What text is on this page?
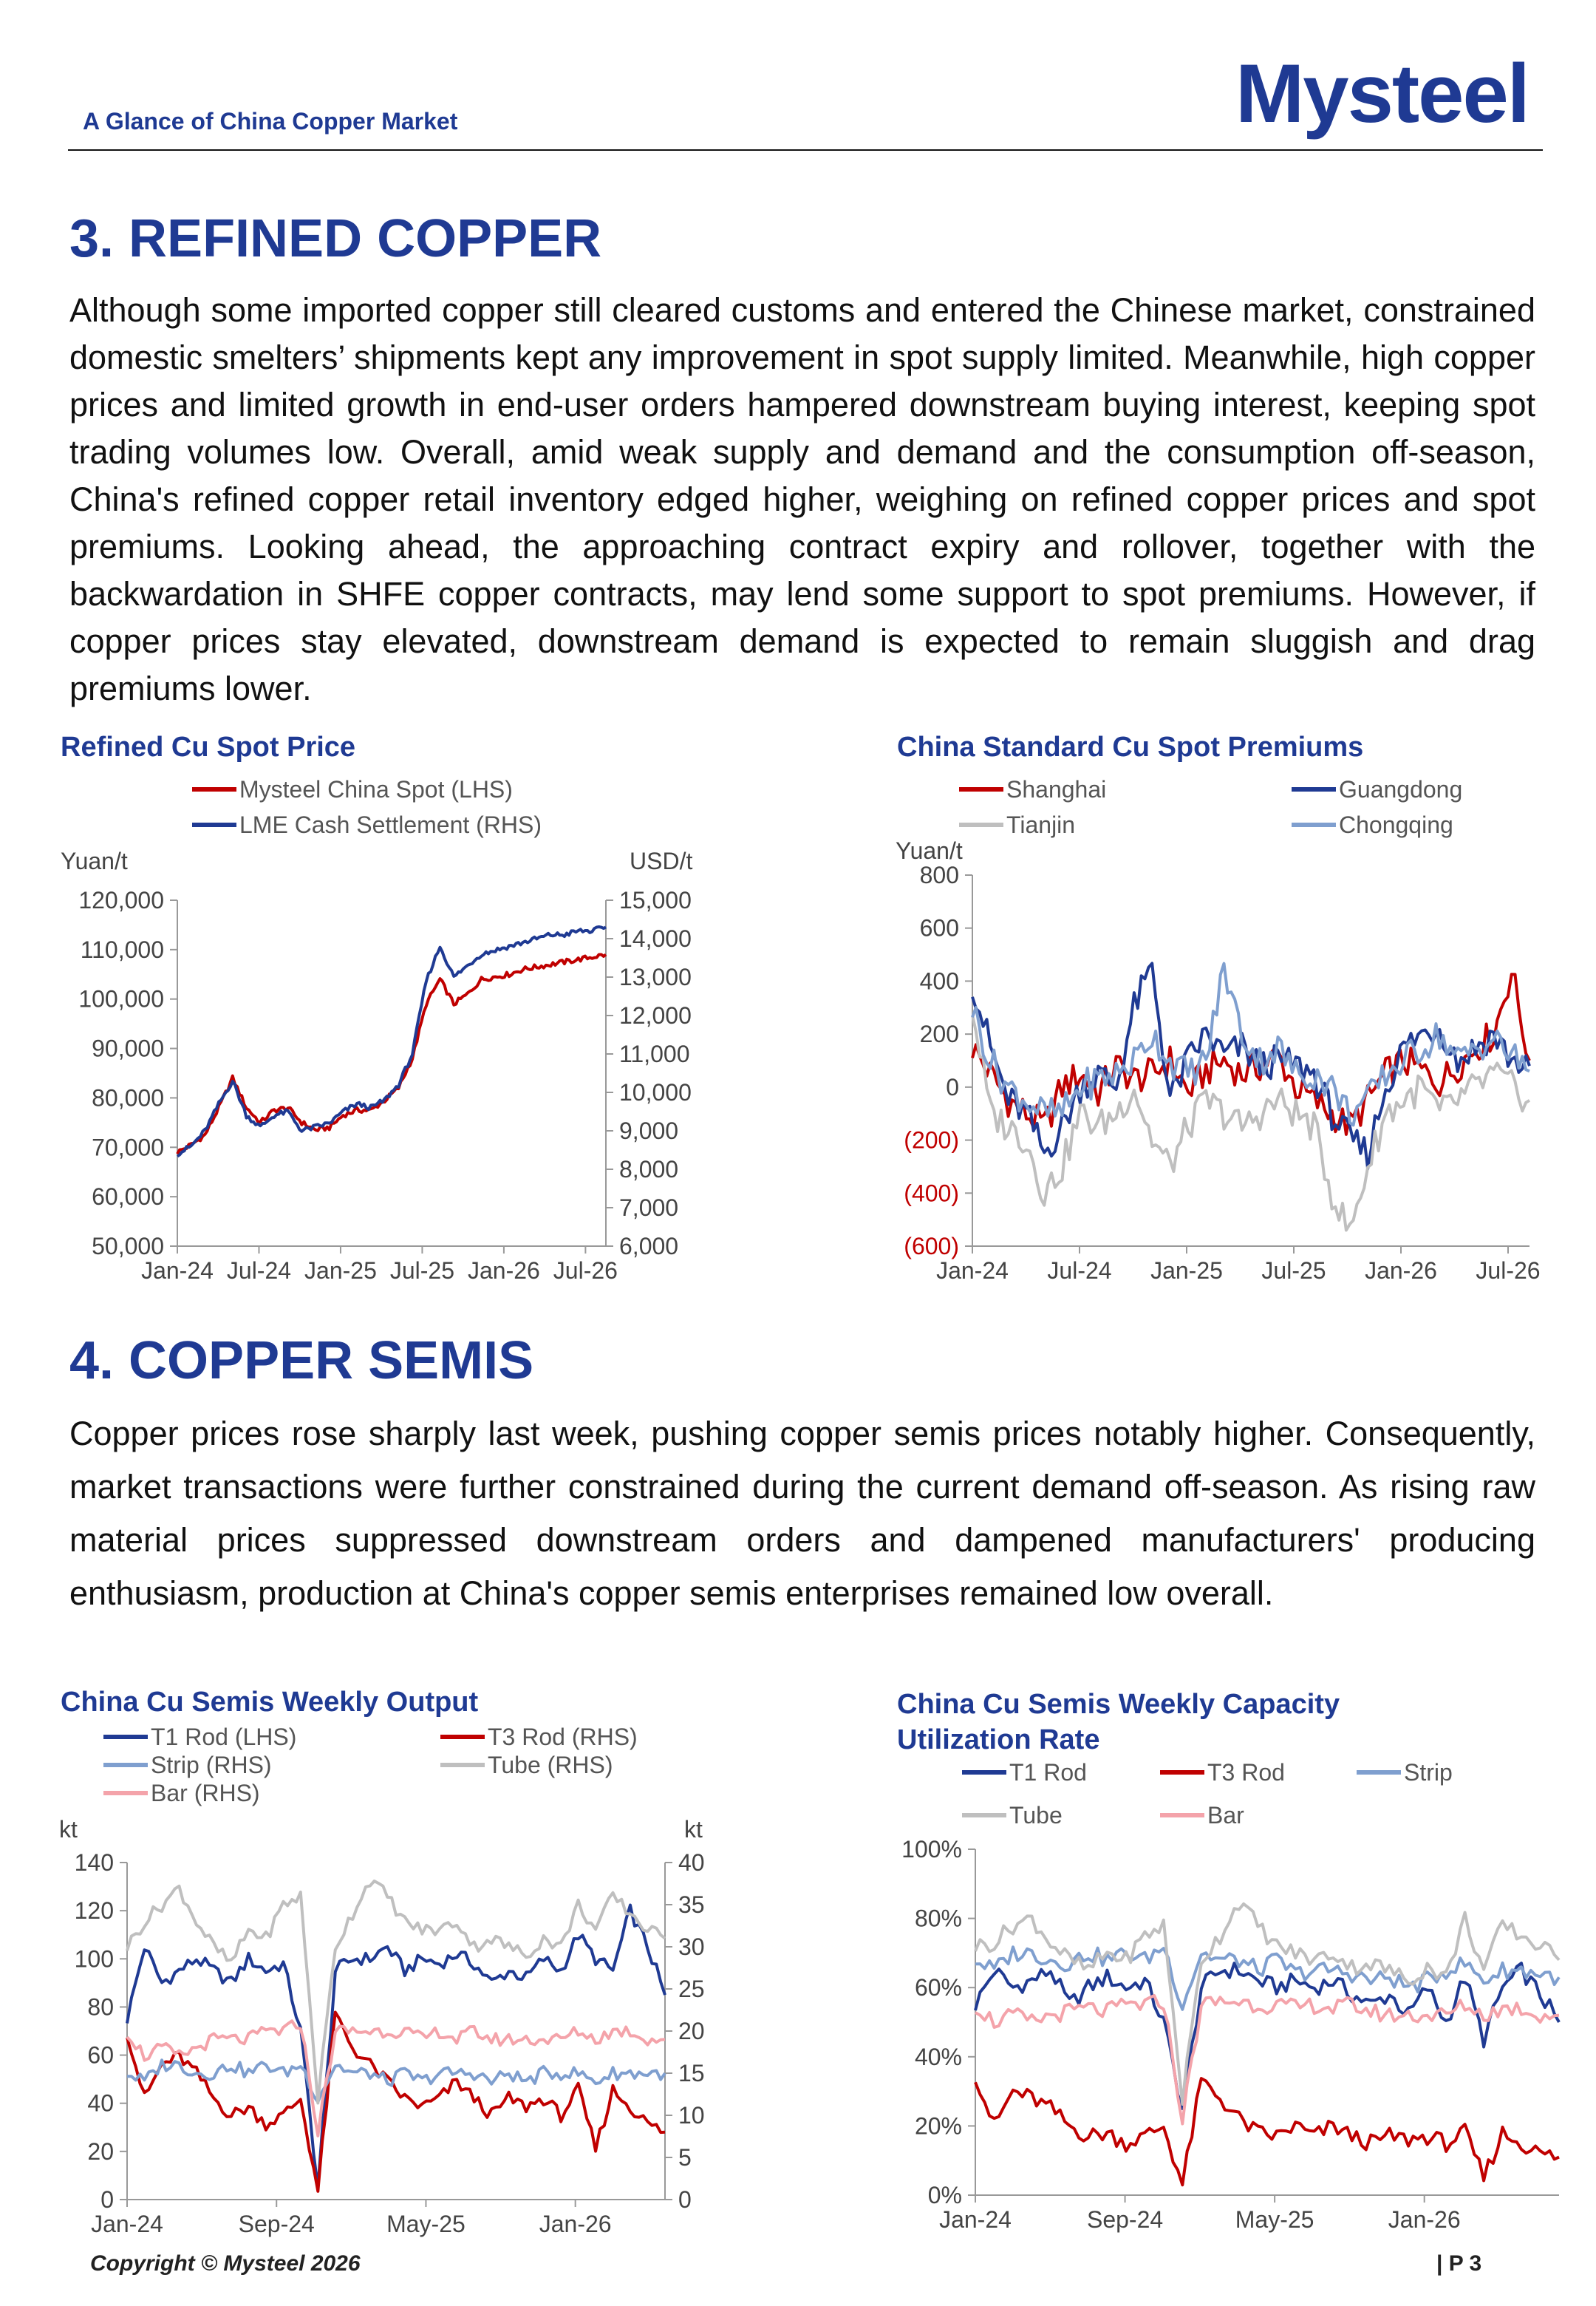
Mysteel
A Glance of China Copper Market
3. REFINED COPPER
Although some imported copper still cleared customs and entered the Chinese market, constrained domestic smelters’ shipments kept any improvement in spot supply limited. Meanwhile, high copper prices and limited growth in end-user orders hampered downstream buying interest, keeping spot trading volumes low. Overall, amid weak supply and demand and the consumption off-season, China's refined copper retail inventory edged higher, weighing on refined copper prices and spot premiums. Looking ahead, the approaching contract expiry and rollover, together with the backwardation in SHFE copper contracts, may lend some support to spot premiums. However, if copper prices stay elevated, downstream demand is expected to remain sluggish and drag premiums lower.
Refined Cu Spot Price
Mysteel China Spot (LHS)
LME Cash Settlement (RHS)
50,000
60,000
70,000
80,000
90,000
100,000
110,000
120,000
6,000
7,000
8,000
9,000
10,000
11,000
12,000
13,000
14,000
15,000
Jan-24 Jul-24 Jan-25 Jul-25 Jan-26 Jul-26
Yuan/t	USD/t
China Standard Cu Spot Premiums
Shanghai	Guangdong
Tianjin	Chongqing
(600)
(400)
(200)
0
200
400
600
800
Jan-24 Jul-24 Jan-25 Jul-25 Jan-26 Jul-26
Yuan/t
4. COPPER SEMIS
Copper prices rose sharply last week, pushing copper semis prices notably higher. Consequently, market transactions were further constrained during the current demand off-season. As rising raw material prices suppressed downstream orders and dampened manufacturers' producing enthusiasm, production at China's copper semis enterprises remained low overall.
China Cu Semis Weekly Output
T1 Rod (LHS)	T3 Rod (RHS)
Strip (RHS)	Tube (RHS)
Bar (RHS)
0
20
40
60
80
100
120
140
0
5
10
15
20
25
30
35
40
Jan-24	Sep-24	May-25	Jan-26
kt	kt
China Cu Semis Weekly Capacity Utilization Rate
T1 Rod	T3 Rod	Strip
Tube	Bar
0%
20%
40%
60%
80%
100%
Jan-24	Sep-24	May-25	Jan-26
Copyright © Mysteel 2026	| P 3
